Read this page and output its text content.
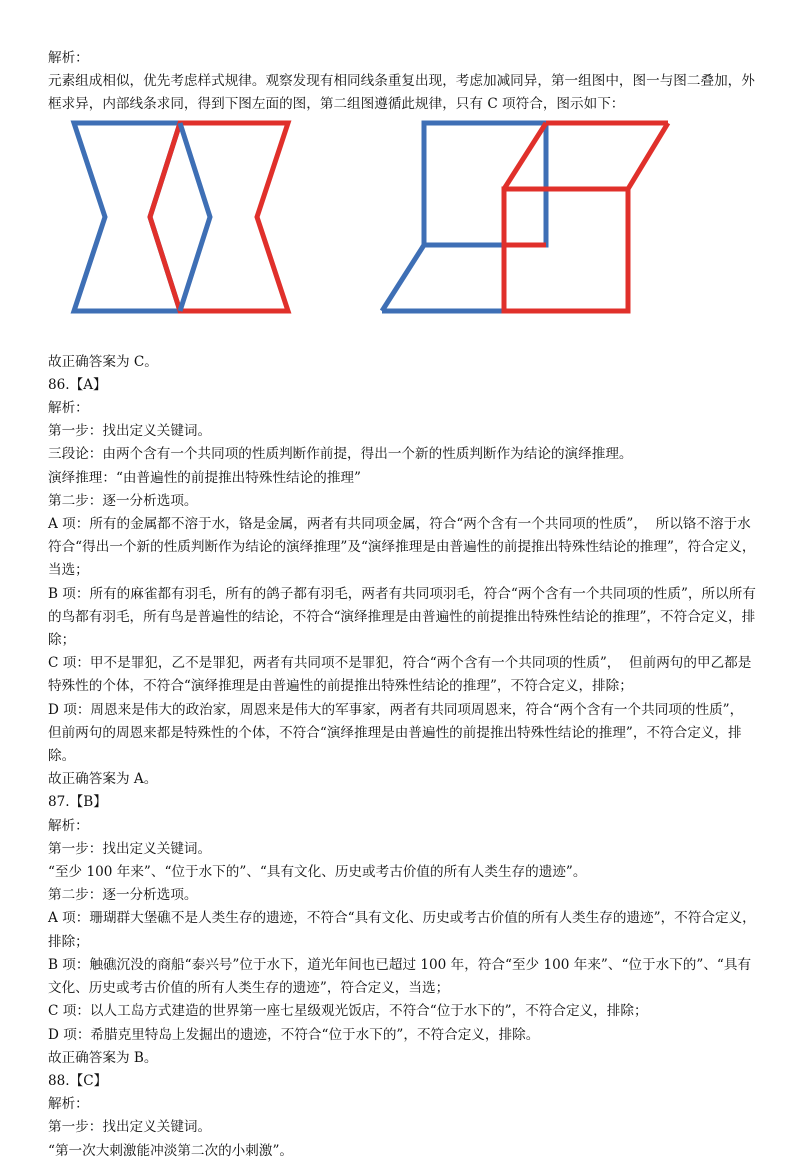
解析：

元素组成相似，优先考虑样式规律。观察发现有相同线条重复出现，考虑加减同异，第一组图中，图一与图二叠加，外框求异，内部线条求同，得到下图左面的图，第二组图遵循此规律，只有 C 项符合，图示如下：

故正确答案为 C。

86.【A】

解析：

第一步：找出定义关键词。

三段论：由两个含有一个共同项的性质判断作前提，得出一个新的性质判断作为结论的演绎推理。

演绎推理：“由普遍性的前提推出特殊性结论的推理”

第二步：逐一分析选项。

A 项：所有的金属都不溶于水，铬是金属，两者有共同项金属，符合“两个含有一个共同项的性质”，  所以铬不溶于水符合“得出一个新的性质判断作为结论的演绎推理”及“演绎推理是由普遍性的前提推出特殊性结论的推理”，符合定义，当选；

B 项：所有的麻雀都有羽毛，所有的鸽子都有羽毛，两者有共同项羽毛，符合“两个含有一个共同项的性质”，所以所有的鸟都有羽毛，所有鸟是普遍性的结论，不符合“演绎推理是由普遍性的前提推出特殊性结论的推理”，不符合定义，排除；

C 项：甲不是罪犯，乙不是罪犯，两者有共同项不是罪犯，符合“两个含有一个共同项的性质”，  但前两句的甲乙都是特殊性的个体，不符合“演绎推理是由普遍性的前提推出特殊性结论的推理”，不符合定义，排除；

D 项：周恩来是伟大的政治家，周恩来是伟大的军事家，两者有共同项周恩来，符合“两个含有一个共同项的性质”，  但前两句的周恩来都是特殊性的个体，不符合“演绎推理是由普遍性的前提推出特殊性结论的推理”，不符合定义，排除。

故正确答案为 A。

87.【B】

解析：

第一步：找出定义关键词。

“至少 100 年来”、“位于水下的”、“具有文化、历史或考古价值的所有人类生存的遗迹”。

第二步：逐一分析选项。

A 项：珊瑚群大堡礁不是人类生存的遗迹，不符合“具有文化、历史或考古价值的所有人类生存的遗迹”，不符合定义，排除；

B 项：触礁沉没的商船“泰兴号”位于水下，道光年间也已超过 100 年，符合“至少 100 年来”、“位于水下的”、“具有文化、历史或考古价值的所有人类生存的遗迹”，符合定义，当选；

C 项：以人工岛方式建造的世界第一座七星级观光饭店，不符合“位于水下的”，不符合定义，排除；

D 项：希腊克里特岛上发掘出的遗迹，不符合“位于水下的”，不符合定义，排除。

故正确答案为 B。

88.【C】

解析：

第一步：找出定义关键词。

“第一次大刺激能冲淡第二次的小刺激”。
